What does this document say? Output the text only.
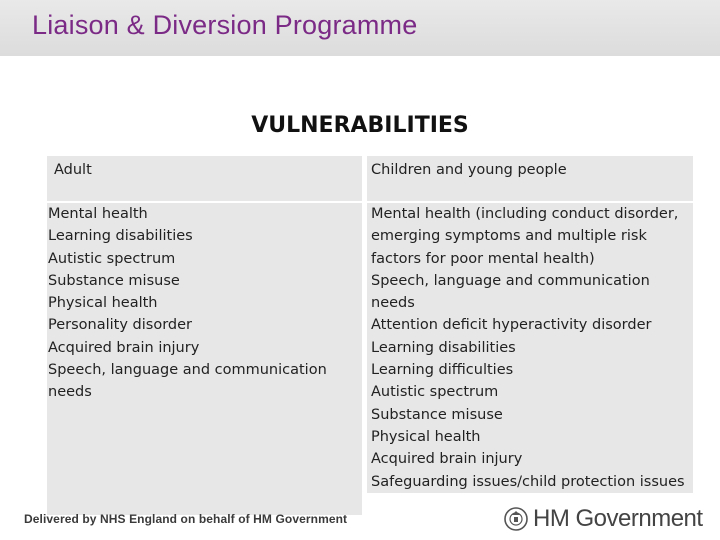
Liaison & Diversion Programme
VULNERABILITIES
Adult	Children and young people
Mental health
Learning disabilities
Autistic spectrum
Substance misuse
Physical health
Personality disorder
Acquired brain injury
Speech, language and communication needs
Mental health (including conduct disorder, emerging symptoms and multiple risk factors for poor mental health)
Speech, language and communication needs
Attention deficit hyperactivity disorder
Learning disabilities
Learning difficulties
Autistic spectrum
Substance misuse
Physical health
Acquired brain injury
Safeguarding issues/child protection issues
Delivered by NHS England on behalf of HM Government	HM Government
